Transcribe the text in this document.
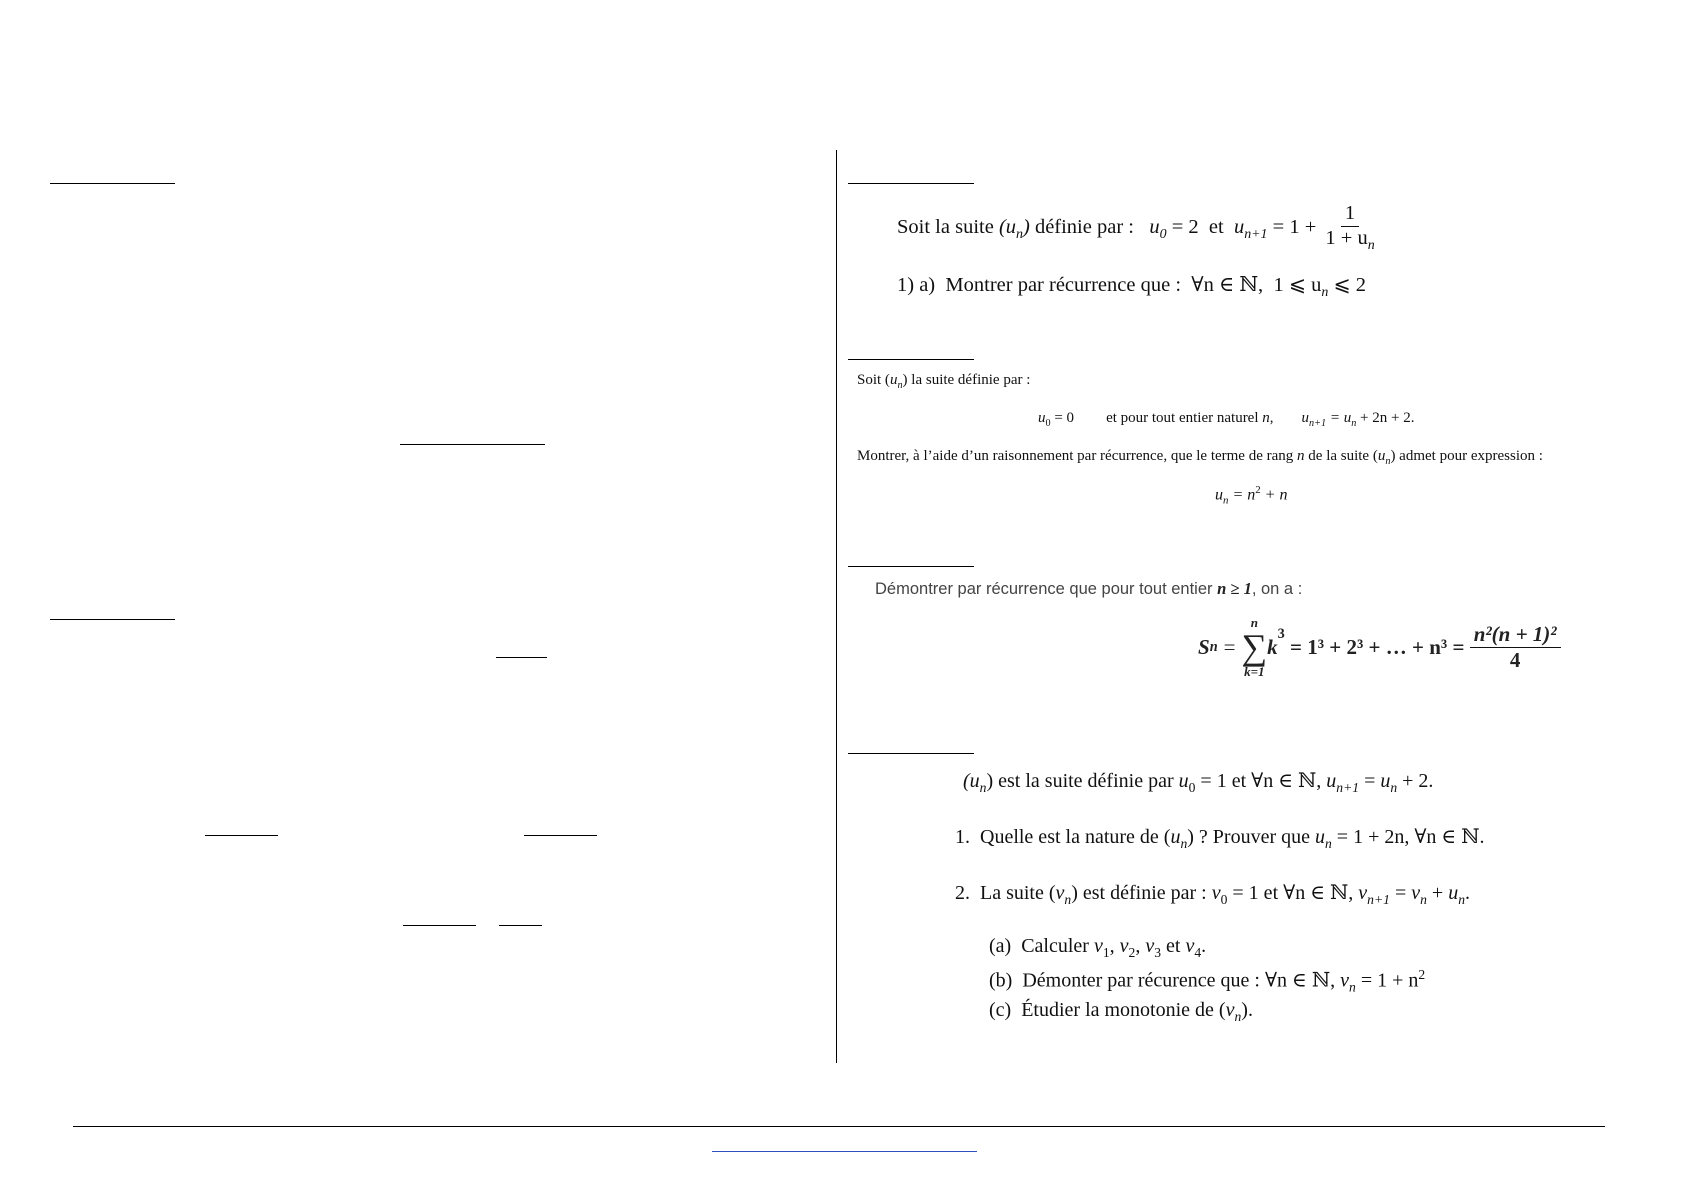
Soit la suite $(u_n)$ définie par :   $u_0 = 2$ et $u_{n+1} = 1 + \frac{1}{1 + u_n}$
1) a) Montrer par récurrence que :  ∀n ∈ ℕ, 1 ⩽ $u_n$ ⩽ 2
Soit $(u_n)$ la suite définie par :
$u_0 = 0$ et pour tout entier naturel n, $u_{n+1} = u_n + 2n + 2$.
Montrer, à l’aide d’un raisonnement par récurrence, que le terme de rang n de la suite $(u_n)$ admet pour expression :
$u_n = n^2 + n$
Démontrer par récurrence que pour tout entier n ≥ 1, on a :
S n =
n
∑
k=1
k
$^3$
= 1³ + 2³ + … + $n^3 = \frac{\text{n²(n + 1)²}}{4}$
$(u_n)$ est la suite définie par $u_0 = 1$ et ∀n ∈ ℕ, $u_{n+1} = u_n + 2$.
1. Quelle est la nature de $(u_n)$ ? Prouver que $u_n = 1 + 2n$, ∀n ∈ ℕ.
2. La suite $(v_n)$ est définie par : $v_0 = 1$ et ∀n ∈ ℕ, $v_{n+1} = v_n + u_n$.
(a) Calculer $v_1$, $v_2$, $v_3$ et $v_4$.
(b) Démonter par récurence que : ∀n ∈ ℕ, $v_n = 1 + n^2$
(c) Étudier la monotonie de $(v_n)$.
